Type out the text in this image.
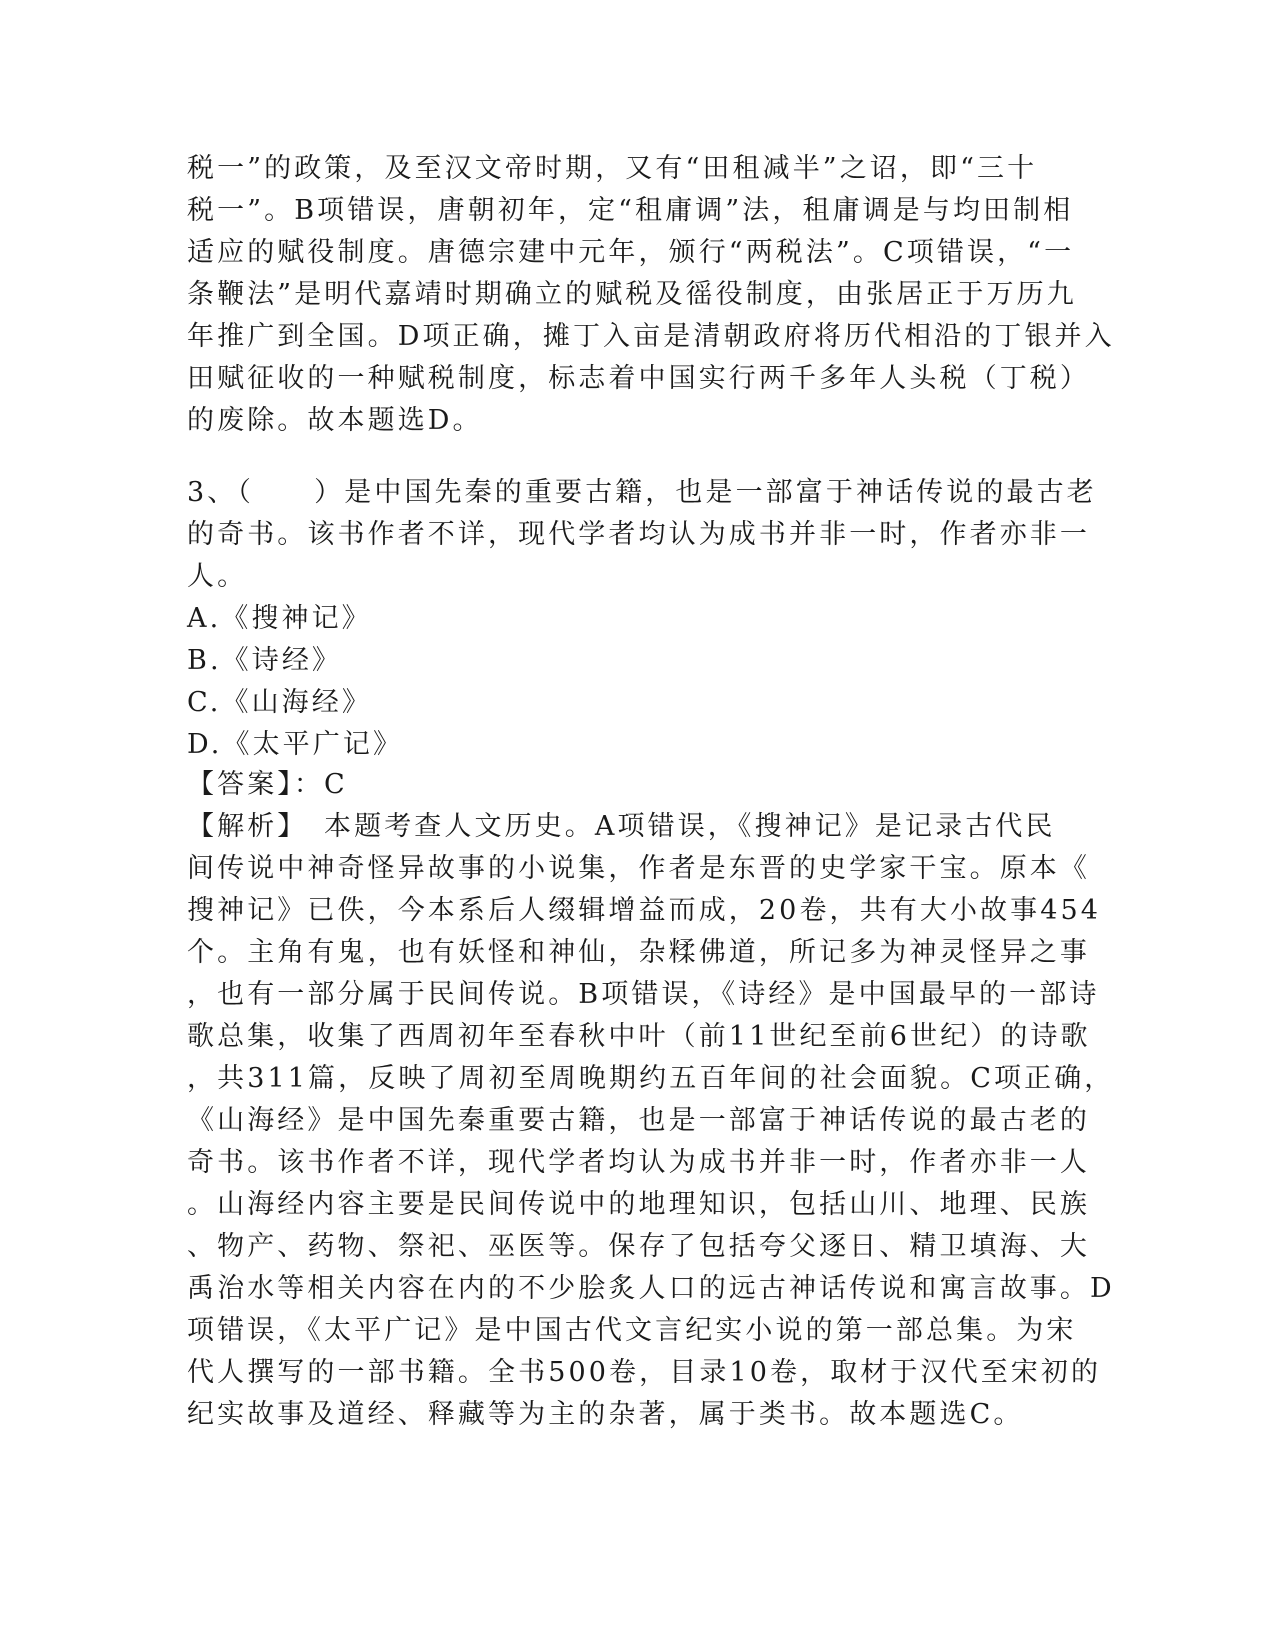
税一”的政策，及至汉文帝时期，又有“田租减半”之诏，即“三十
税一”。B项错误，唐朝初年，定“租庸调”法，租庸调是与均田制相
适应的赋役制度。唐德宗建中元年，颁行“两税法”。C项错误，“一
条鞭法”是明代嘉靖时期确立的赋税及徭役制度，由张居正于万历九
年推广到全国。D项正确，摊丁入亩是清朝政府将历代相沿的丁银并入
田赋征收的一种赋税制度，标志着中国实行两千多年人头税（丁税）
的废除。故本题选D。
3、（　　）是中国先秦的重要古籍，也是一部富于神话传说的最古老
的奇书。该书作者不详，现代学者均认为成书并非一时，作者亦非一
人。
A.《搜神记》
B.《诗经》
C.《山海经》
D.《太平广记》
【答案】：C
【解析】　本题考查人文历史。A项错误，《搜神记》是记录古代民
间传说中神奇怪异故事的小说集，作者是东晋的史学家干宝。原本《
搜神记》已佚，今本系后人缀辑增益而成，20卷，共有大小故事454
个。主角有鬼，也有妖怪和神仙，杂糅佛道，所记多为神灵怪异之事
，也有一部分属于民间传说。B项错误，《诗经》是中国最早的一部诗
歌总集，收集了西周初年至春秋中叶（前11世纪至前6世纪）的诗歌
，共311篇，反映了周初至周晚期约五百年间的社会面貌。C项正确，
《山海经》是中国先秦重要古籍，也是一部富于神话传说的最古老的
奇书。该书作者不详，现代学者均认为成书并非一时，作者亦非一人
。山海经内容主要是民间传说中的地理知识，包括山川、地理、民族
、物产、药物、祭祀、巫医等。保存了包括夸父逐日、精卫填海、大
禹治水等相关内容在内的不少脍炙人口的远古神话传说和寓言故事。D
项错误，《太平广记》是中国古代文言纪实小说的第一部总集。为宋
代人撰写的一部书籍。全书500卷，目录10卷，取材于汉代至宋初的
纪实故事及道经、释藏等为主的杂著，属于类书。故本题选C。
